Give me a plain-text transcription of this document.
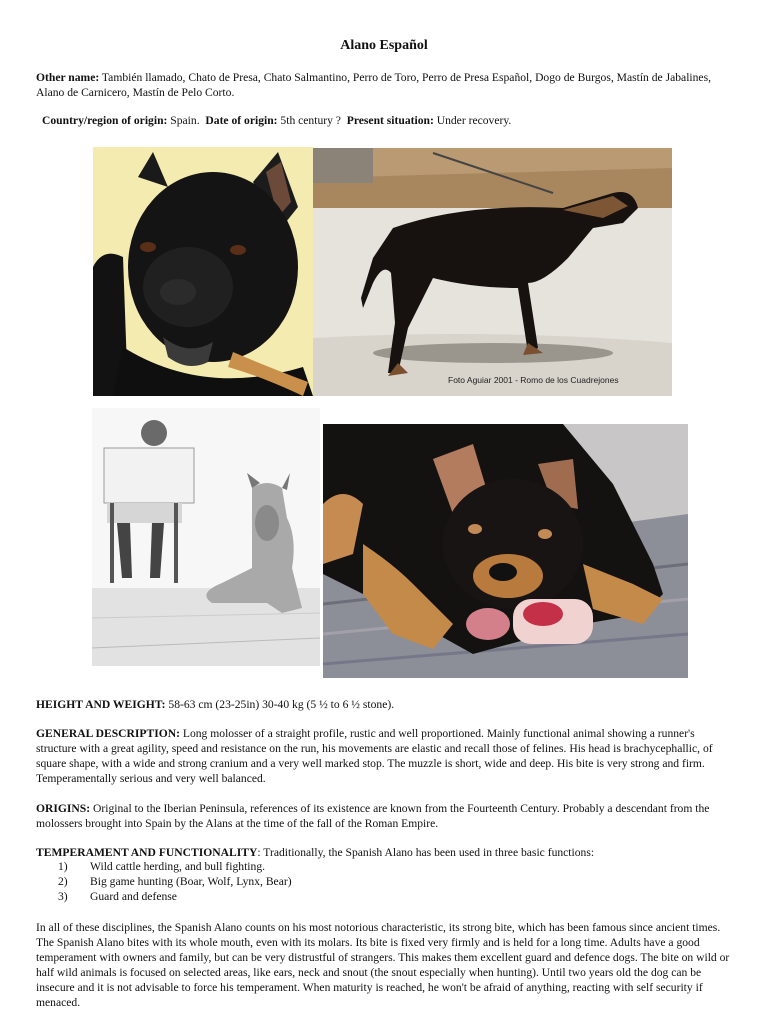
Alano Español
Other name: También llamado, Chato de Presa, Chato Salmantino, Perro de Toro, Perro de Presa Español, Dogo de Burgos, Mastín de Jabalines, Alano de Carnicero, Mastín de Pelo Corto.
Country/region of origin: Spain. Date of origin: 5th century ? Present situation: Under recovery.
Foto Aguiar 2001 - Romo de los Cuadrejones
HEIGHT AND WEIGHT: 58-63 cm (23-25in) 30-40 kg (5 ½ to 6 ½ stone).
GENERAL DESCRIPTION: Long molosser of a straight profile, rustic and well proportioned. Mainly functional animal showing a runner's structure with a great agility, speed and resistance on the run, his movements are elastic and recall those of felines. His head is brachycephallic, of square shape, with a wide and strong cranium and a very well marked stop. The muzzle is short, wide and deep. His bite is very strong and firm. Temperamentally serious and very well balanced.
ORIGINS: Original to the Iberian Peninsula, references of its existence are known from the Fourteenth Century. Probably a descendant from the molossers brought into Spain by the Alans at the time of the fall of the Roman Empire.
TEMPERAMENT AND FUNCTIONALITY: Traditionally, the Spanish Alano has been used in three basic functions:
1) Wild cattle herding, and bull fighting.
2) Big game hunting (Boar, Wolf, Lynx, Bear)
3) Guard and defense
In all of these disciplines, the Spanish Alano counts on his most notorious characteristic, its strong bite, which has been famous since ancient times. The Spanish Alano bites with its whole mouth, even with its molars. Its bite is fixed very firmly and is held for a long time. Adults have a good temperament with owners and family, but can be very distrustful of strangers. This makes them excellent guard and defence dogs. The bite on wild or half wild animals is focused on selected areas, like ears, neck and snout (the snout especially when hunting). Until two years old the dog can be insecure and it is not advisable to force his temperament. When maturity is reached, he won't be afraid of anything, reacting with self security if menaced.
